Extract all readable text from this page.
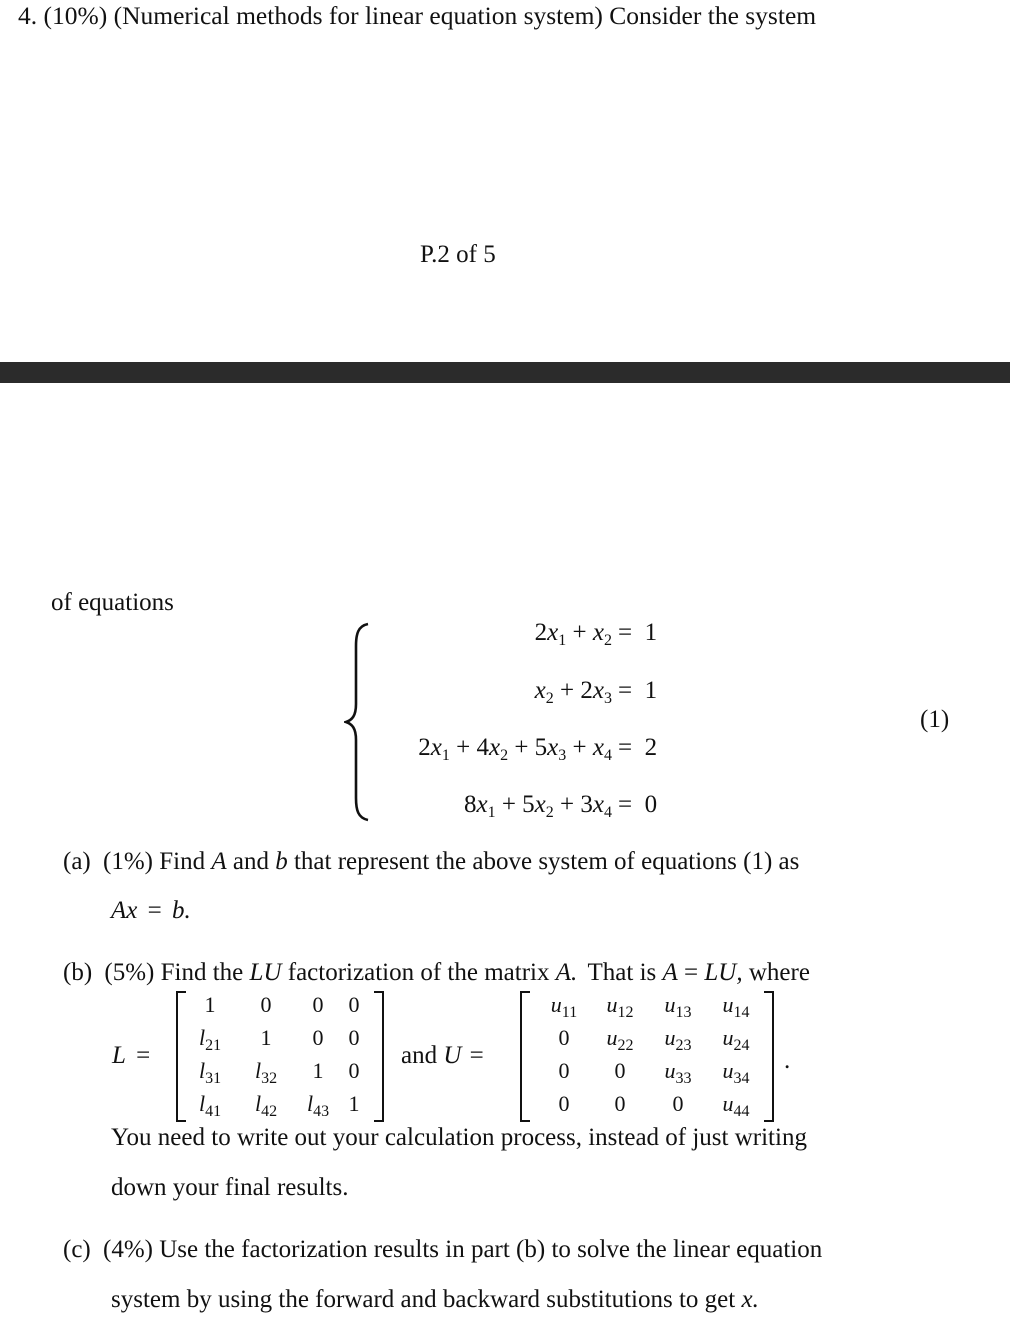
4. (10%) (Numerical methods for linear equation system) Consider the system
P.2 of 5
of equations
$2x_1 + x_2 = 1$
$x_2 + 2x_3 = 1$
$2x_1 + 4x_2 + 5x_3 + x_4 = 2$
$8x_1 + 5x_2 + 3x_4 = 0$
(1)
(a) (1%) Find A and b that represent the above system of equations (1) as
Ax = b.
(b) (5%) Find the LU factorization of the matrix A. That is A = LU, where
L =
1	0	0	0
$l_{21}$	1	0	0
$l_{31}$	$l_{32}$	1	0
$l_{41}$	$l_{42}$	$l_{43}$ 1
and U =
$u_{11}$	$u_{12}$	$u_{13}$	$u_{14}$
0	$u_{22}$	$u_{23}$	$u_{24}$
0	0	$u_{33}$	$u_{34}$
0	0	0	$u_{44}$
.
You need to write out your calculation process, instead of just writing
down your final results.
(c) (4%) Use the factorization results in part (b) to solve the linear equation
system by using the forward and backward substitutions to get x.
